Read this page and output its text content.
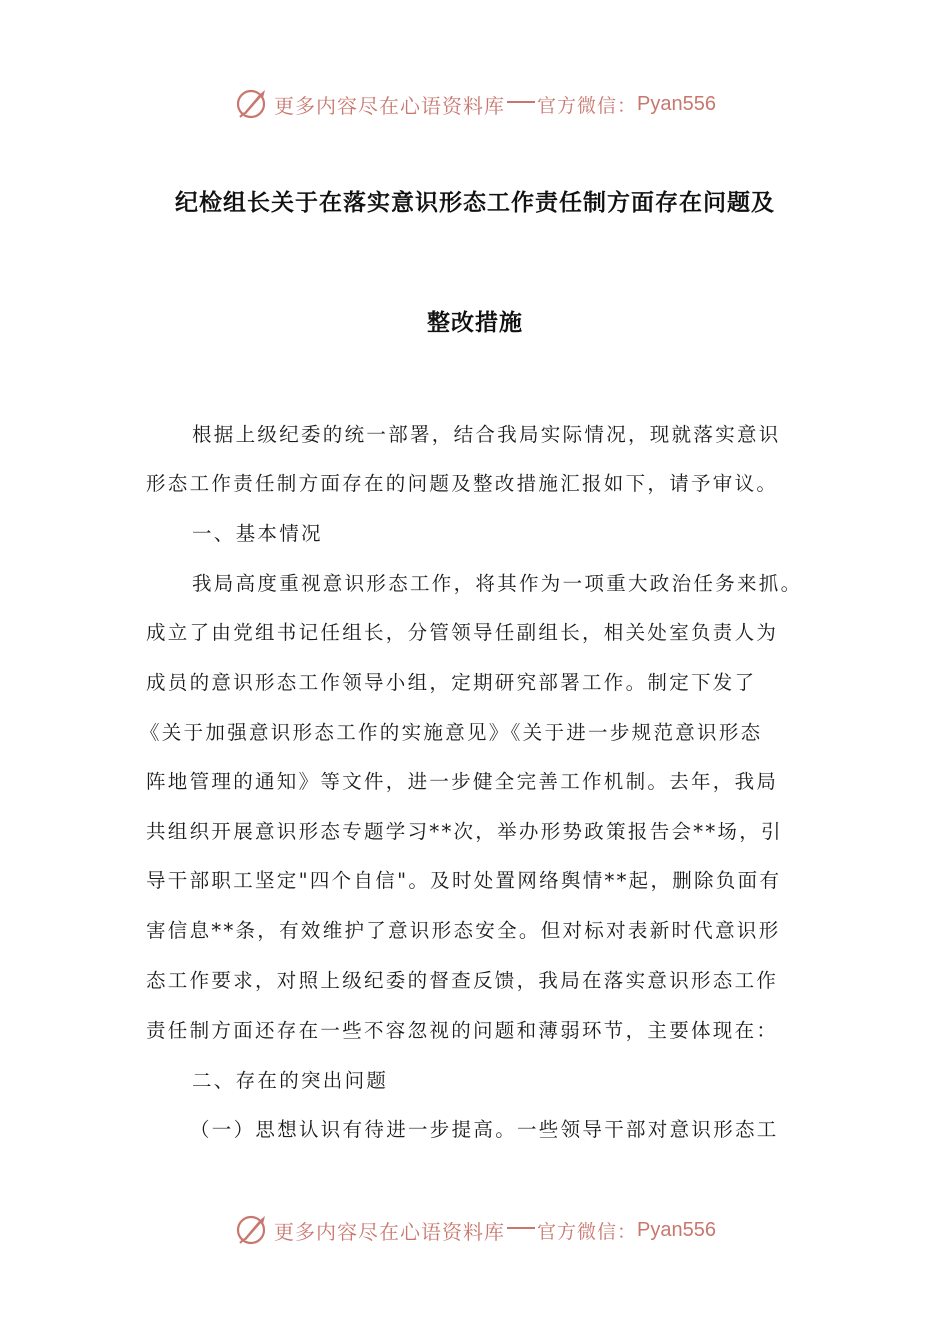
更多内容尽在心语资料库 官方微信： Pyan556
纪检组长关于在落实意识形态工作责任制方面存在问题及
整改措施
根据上级纪委的统一部署，结合我局实际情况，现就落实意识
形态工作责任制方面存在的问题及整改措施汇报如下，请予审议。
一、基本情况
我局高度重视意识形态工作，将其作为一项重大政治任务来抓。
成立了由党组书记任组长，分管领导任副组长，相关处室负责人为
成员的意识形态工作领导小组，定期研究部署工作。制定下发了
《关于加强意识形态工作的实施意见》《关于进一步规范意识形态
阵地管理的通知》等文件，进一步健全完善工作机制。去年，我局
共组织开展意识形态专题学习**次，举办形势政策报告会**场，引
导干部职工坚定"四个自信"。及时处置网络舆情**起，删除负面有
害信息**条，有效维护了意识形态安全。但对标对表新时代意识形
态工作要求，对照上级纪委的督查反馈，我局在落实意识形态工作
责任制方面还存在一些不容忽视的问题和薄弱环节，主要体现在：
二、存在的突出问题
（一）思想认识有待进一步提高。一些领导干部对意识形态工
更多内容尽在心语资料库 官方微信： Pyan556
